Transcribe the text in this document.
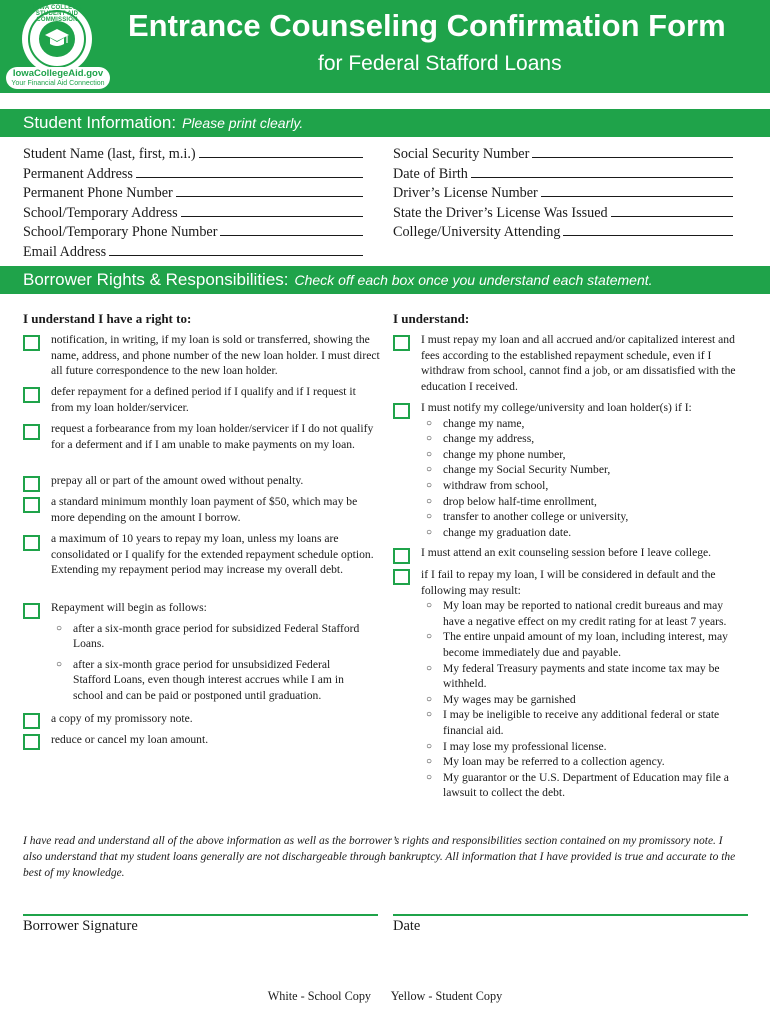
IOWA COLLEGE STUDENT AID COMMISSION
IowaCollegeAid.gov
Your Financial Aid Connection
Entrance Counseling Confirmation Form
for Federal Stafford Loans
Student Information: Please print clearly.
Student Name (last, first, m.i.)
Permanent Address
Permanent Phone Number
School/Temporary Address
School/Temporary Phone Number
Email Address
Social Security Number
Date of Birth
Driver’s License Number
State the Driver’s License Was Issued
College/University Attending
Borrower Rights & Responsibilities: Check off each box once you understand each statement.
I understand I have a right to:
notification, in writing, if my loan is sold or transferred, showing the name, address, and phone number of the new loan holder. I must direct all future correspondence to the new loan holder.
defer repayment for a defined period if I qualify and if I request it from my loan holder/servicer.
request a forbearance from my loan holder/servicer if I do not qualify for a deferment and if I am unable to make payments on my loan.
prepay all or part of the amount owed without penalty.
a standard minimum monthly loan payment of $50, which may be more depending on the amount I borrow.
a maximum of 10 years to repay my loan, unless my loans are consolidated or I qualify for the extended repayment schedule option. Extending my repayment period may increase my overall debt.
Repayment will begin as follows:
○ after a six-month grace period for subsidized Federal Stafford Loans.
○ after a six-month grace period for unsubsidized Federal Stafford Loans, even though interest accrues while I am in school and can be paid or postponed until graduation.
a copy of my promissory note.
reduce or cancel my loan amount.
I understand:
I must repay my loan and all accrued and/or capitalized interest and fees according to the established repayment schedule, even if I withdraw from school, cannot find a job, or am dissatisfied with the education I received.
I must notify my college/university and loan holder(s) if I:
○ change my name,
○ change my address,
○ change my phone number,
○ change my Social Security Number,
○ withdraw from school,
○ drop below half-time enrollment,
○ transfer to another college or university,
○ change my graduation date.
I must attend an exit counseling session before I leave college.
if I fail to repay my loan, I will be considered in default and the following may result:
○ My loan may be reported to national credit bureaus and may have a negative effect on my credit rating for at least 7 years.
○ The entire unpaid amount of my loan, including interest, may become immediately due and payable.
○ My federal Treasury payments and state income tax may be withheld.
○ My wages may be garnished
○ I may be ineligible to receive any additional federal or state financial aid.
○ I may lose my professional license.
○ My loan may be referred to a collection agency.
○ My guarantor or the U.S. Department of Education may file a lawsuit to collect the debt.
I have read and understand all of the above information as well as the borrower’s rights and responsibilities section contained on my promissory note. I also understand that my student loans generally are not dischargeable through bankruptcy. All information that I have provided is true and accurate to the best of my knowledge.
Borrower Signature	Date
White - School Copy Yellow - Student Copy
